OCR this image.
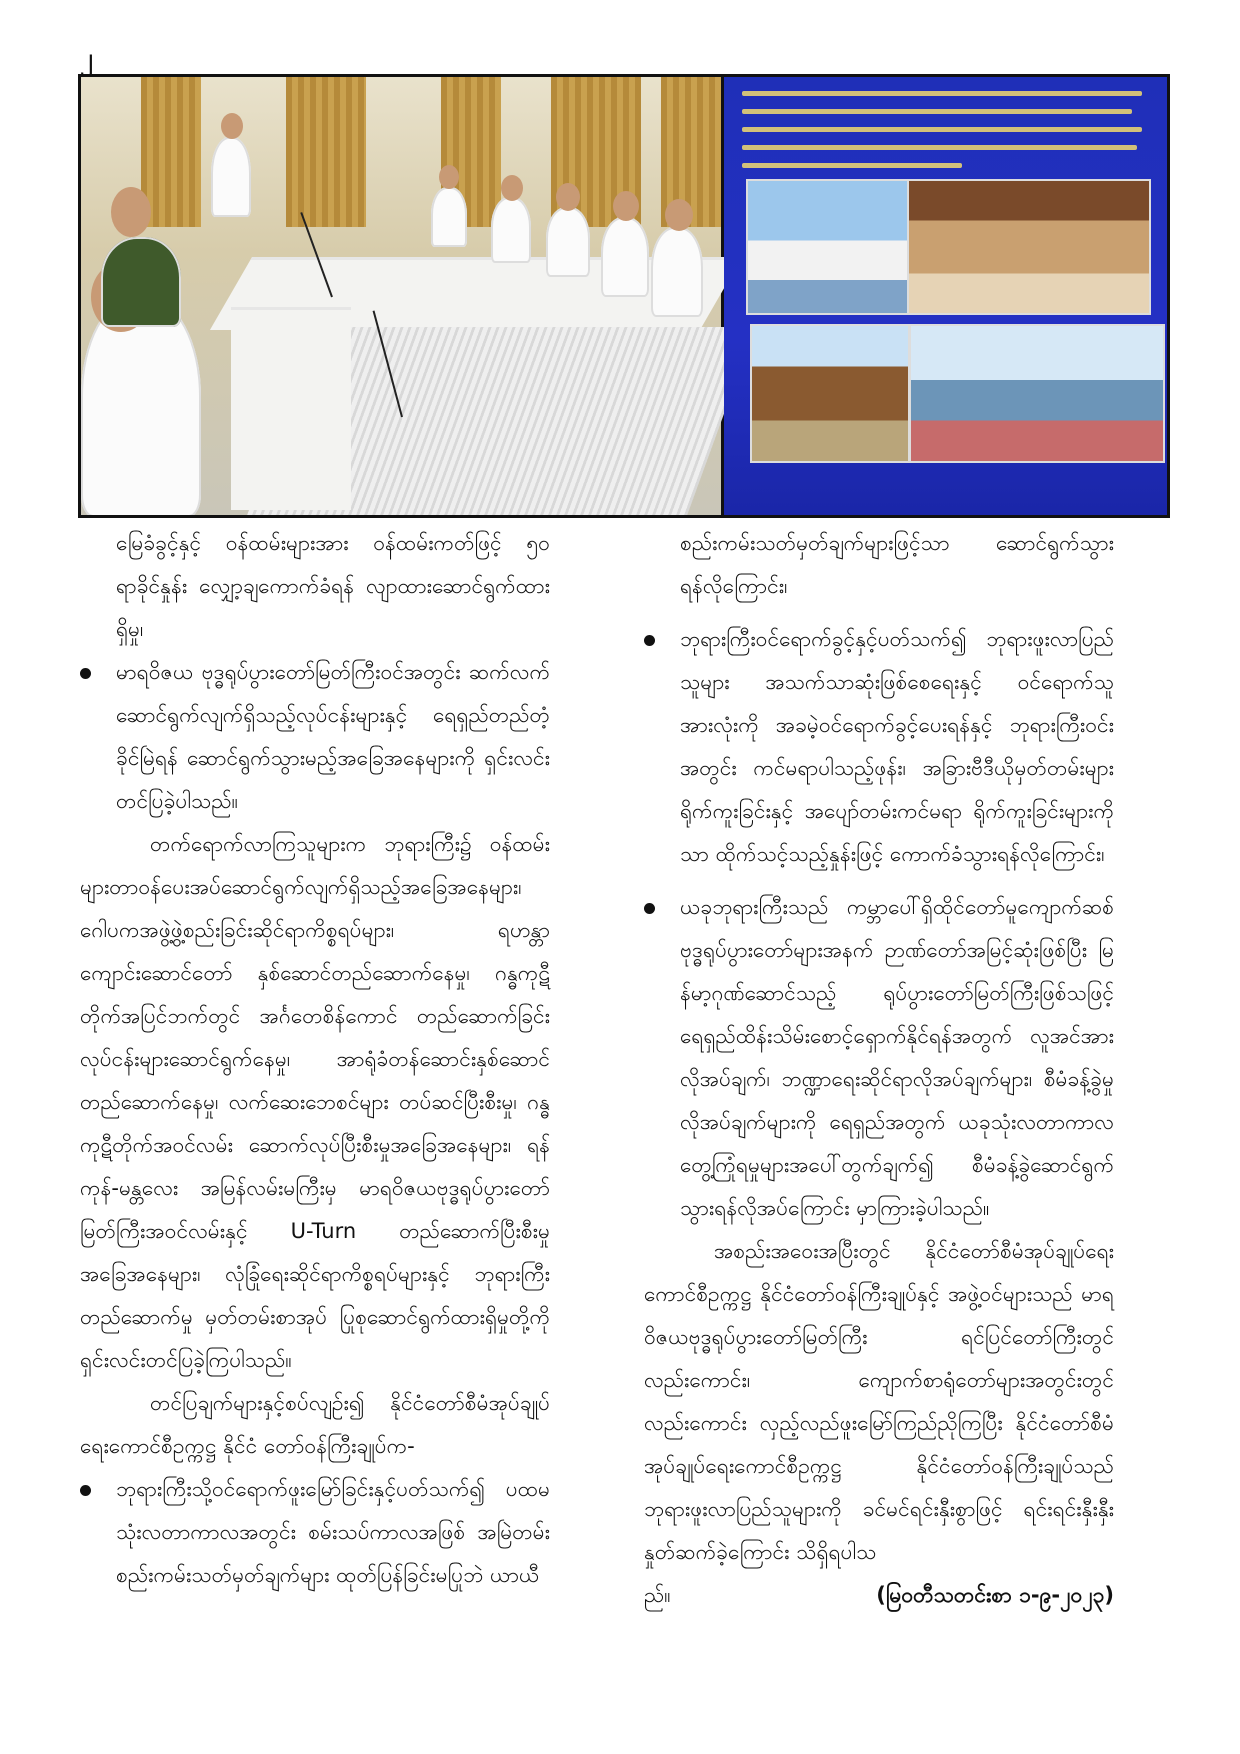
၂

မြေခံခွင့်နှင့် ဝန်ထမ်းများအား ဝန်ထမ်းကတ်ဖြင့် ၅၀ ရာခိုင်နှုန်း လျှော့ချကောက်ခံရန် လျာထားဆောင်ရွက်ထားရှိမှု၊

မာရဝိဇယ ဗုဒ္ဓရုပ်ပွားတော်မြတ်ကြီးဝင်အတွင်း ဆက်လက်ဆောင်ရွက်လျက်ရှိသည့်လုပ်ငန်းများနှင့် ရေရှည်တည်တံ့ခိုင်မြဲရန် ဆောင်ရွက်သွားမည့်အခြေအနေများကို ရှင်းလင်းတင်ပြခဲ့ပါသည်။

တက်ရောက်လာကြသူများက ဘုရားကြီး၌ ဝန်ထမ်းများတာဝန်ပေးအပ်ဆောင်ရွက်လျက်ရှိသည့်အခြေအနေများ၊ ဂေါပကအဖွဲ့ဖွဲ့စည်းခြင်းဆိုင်ရာကိစ္စရပ်များ၊ ရဟန္တာ ကျောင်းဆောင်တော် နှစ်ဆောင်တည်ဆောက်နေမှု၊ ဂန္ဓကုဋီတိုက်အပြင်ဘက်တွင် အင်္ဂတေစိန်ကောင် တည်ဆောက်ခြင်းလုပ်ငန်းများဆောင်ရွက်နေမှု၊ အာရုံခံတန်ဆောင်းနှစ်ဆောင် တည်ဆောက်နေမှု၊ လက်ဆေးဘေစင်များ တပ်ဆင်ပြီးစီးမှု၊ ဂန္ဓကုဋီတိုက်အဝင်လမ်း ဆောက်လုပ်ပြီးစီးမှုအခြေအနေများ၊ ရန်ကုန်-မန္တလေး အမြန်လမ်းမကြီးမှ မာရဝိဇယဗုဒ္ဓရုပ်ပွားတော်မြတ်ကြီးအဝင်လမ်းနှင့် U-Turn တည်ဆောက်ပြီးစီးမှု အခြေအနေများ၊ လုံခြုံရေးဆိုင်ရာကိစ္စရပ်များနှင့် ဘုရားကြီးတည်ဆောက်မှု မှတ်တမ်းစာအုပ် ပြုစုဆောင်ရွက်ထားရှိမှုတို့ကို ရှင်းလင်းတင်ပြခဲ့ကြပါသည်။

တင်ပြချက်များနှင့်စပ်လျဉ်း၍ နိုင်ငံတော်စီမံအုပ်ချုပ်ရေးကောင်စီဥက္ကဋ္ဌ နိုင်ငံ တော်ဝန်ကြီးချုပ်က-

ဘုရားကြီးသို့ဝင်ရောက်ဖူးမြော်ခြင်းနှင့်ပတ်သက်၍ ပထမသုံးလတာကာလအတွင်း စမ်းသပ်ကာလအဖြစ် အမြဲတမ်းစည်းကမ်းသတ်မှတ်ချက်များ ထုတ်ပြန်ခြင်းမပြုဘဲ ယာယီ

စည်းကမ်းသတ်မှတ်ချက်များဖြင့်သာ ဆောင်ရွက်သွားရန်လိုကြောင်း၊

ဘုရားကြီးဝင်ရောက်ခွင့်နှင့်ပတ်သက်၍ ဘုရားဖူးလာပြည်သူများ အသက်သာဆုံးဖြစ်စေရေးနှင့် ဝင်ရောက်သူအားလုံးကို အခမဲ့ဝင်ရောက်ခွင့်ပေးရန်နှင့် ဘုရားကြီးဝင်းအတွင်း ကင်မရာပါသည့်ဖုန်း၊ အခြားဗီဒီယိုမှတ်တမ်းများ ရိုက်ကူးခြင်းနှင့် အပျော်တမ်းကင်မရာ ရိုက်ကူးခြင်းများကိုသာ ထိုက်သင့်သည့်နှုန်းဖြင့် ကောက်ခံသွားရန်လိုကြောင်း၊

ယခုဘုရားကြီးသည် ကမ္ဘာပေါ်ရှိထိုင်တော်မူကျောက်ဆစ်ဗုဒ္ဓရုပ်ပွားတော်များအနက် ဉာဏ်တော်အမြင့်ဆုံးဖြစ်ပြီး မြန်မာ့ဂုဏ်ဆောင်သည့် ရုပ်ပွားတော်မြတ်ကြီးဖြစ်သဖြင့် ရေရှည်ထိန်းသိမ်းစောင့်ရှောက်နိုင်ရန်အတွက် လူအင်အားလိုအပ်ချက်၊ ဘဏ္ဍာရေးဆိုင်ရာလိုအပ်ချက်များ၊ စီမံခန့်ခွဲမှုလိုအပ်ချက်များကို ရေရှည်အတွက် ယခုသုံးလတာကာလ တွေ့ကြုံရမှုများအပေါ်တွက်ချက်၍ စီမံခန့်ခွဲဆောင်ရွက်သွားရန်လိုအပ်ကြောင်း မှာကြားခဲ့ပါသည်။

အစည်းအဝေးအပြီးတွင် နိုင်ငံတော်စီမံအုပ်ချုပ်ရေးကောင်စီဥက္ကဋ္ဌ နိုင်ငံတော်ဝန်ကြီးချုပ်နှင့် အဖွဲ့ဝင်များသည် မာရဝိဇယဗုဒ္ဓရုပ်ပွားတော်မြတ်ကြီး ရင်ပြင်တော်ကြီးတွင်လည်းကောင်း၊ ကျောက်စာရုံတော်များအတွင်းတွင်လည်းကောင်း လှည့်လည်ဖူးမြော်ကြည်ညိုကြပြီး နိုင်ငံတော်စီမံအုပ်ချုပ်ရေးကောင်စီဥက္ကဋ္ဌ နိုင်ငံတော်ဝန်ကြီးချုပ်သည် ဘုရားဖူးလာပြည်သူများကို ခင်မင်ရင်းနှီးစွာဖြင့် ရင်းရင်းနှီးနှီးနှုတ်ဆက်ခဲ့ကြောင်း သိရှိရပါသ

ည်။	(မြဝတီသတင်းစာ ၁-၉-၂၀၂၃)
